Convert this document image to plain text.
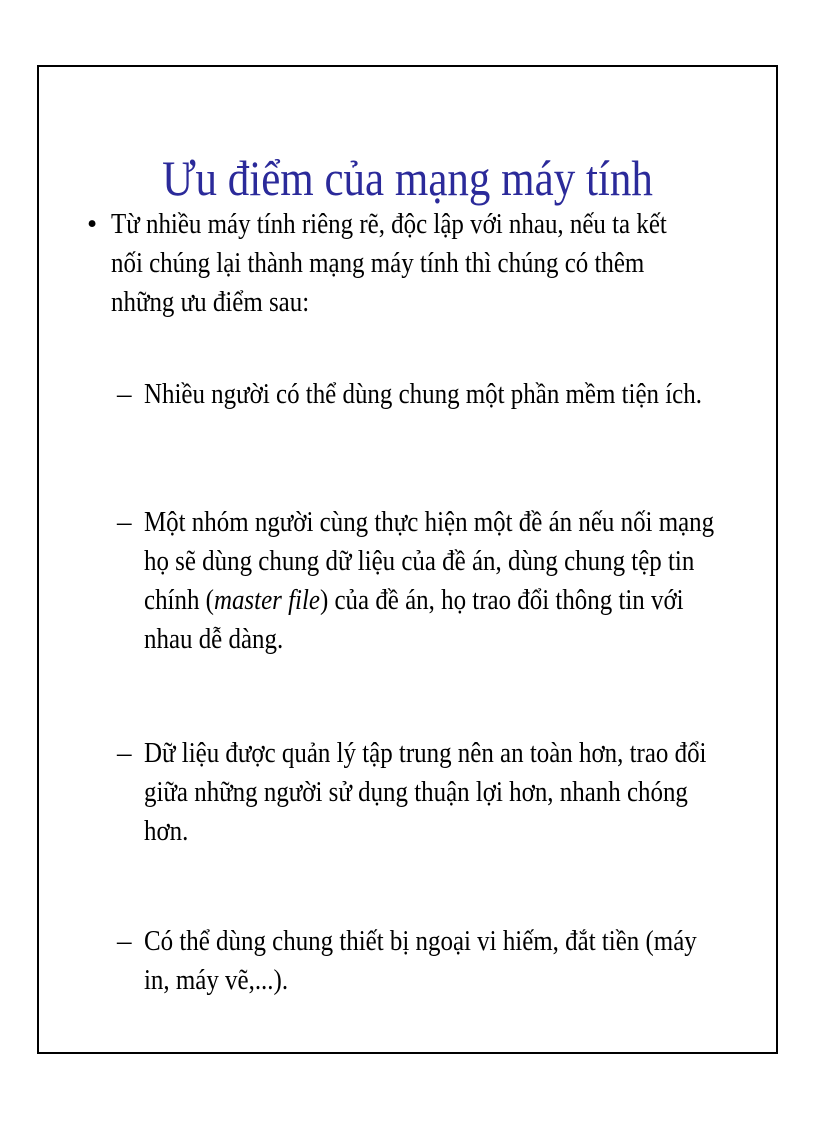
Ưu điểm của mạng máy tính
• Từ nhiều máy tính riêng rẽ, độc lập với nhau, nếu ta kết nối chúng lại thành mạng máy tính thì chúng có thêm những ưu điểm sau:
– Nhiều người có thể dùng chung một phần mềm tiện ích.
– Một nhóm người cùng thực hiện một đề án nếu nối mạng họ sẽ dùng chung dữ liệu của đề án, dùng chung tệp tin chính (master file) của đề án, họ trao đổi thông tin với nhau dễ dàng.
– Dữ liệu được quản lý tập trung nên an toàn hơn, trao đổi giữa những người sử dụng thuận lợi hơn, nhanh chóng hơn.
– Có thể dùng chung thiết bị ngoại vi hiếm, đắt tiền (máy in, máy vẽ,...).
